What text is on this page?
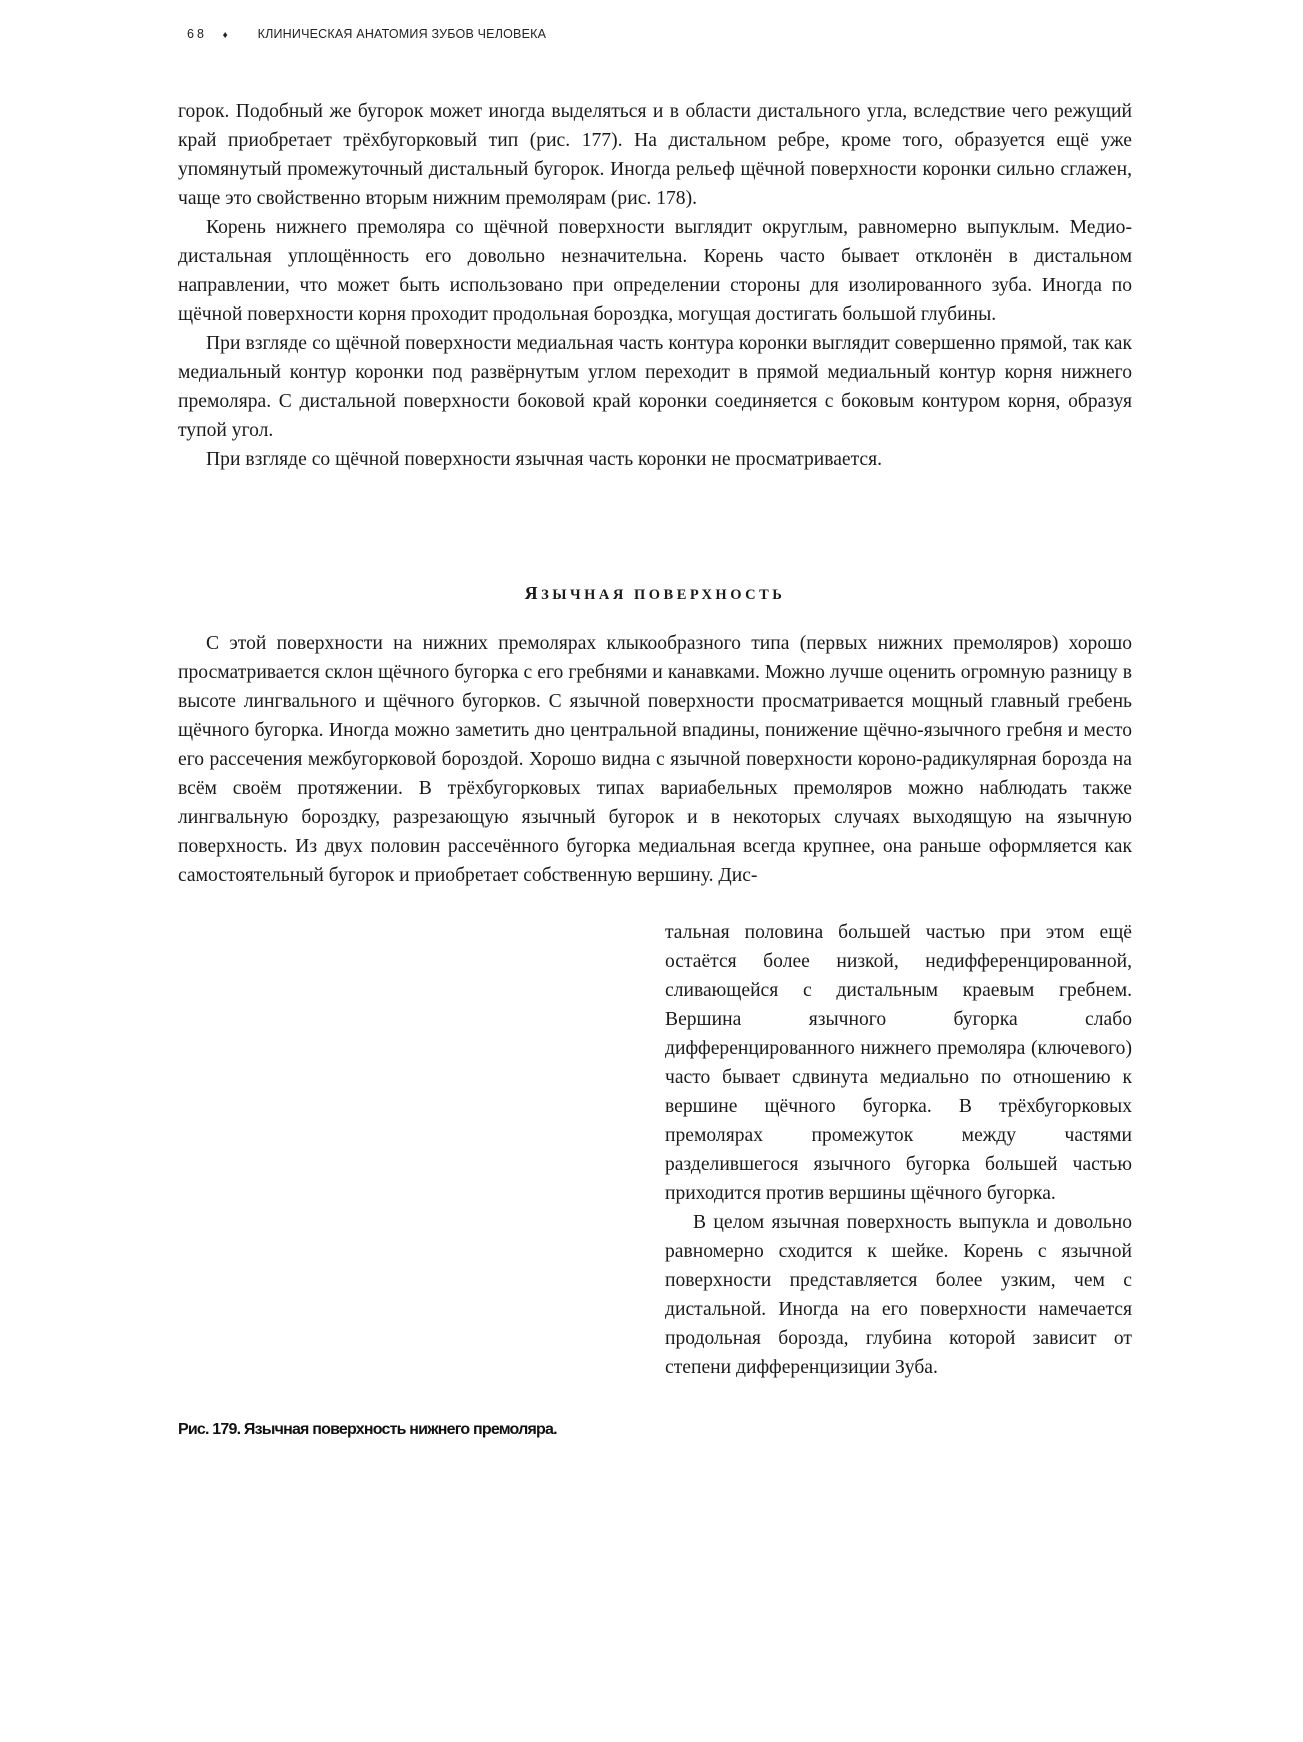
68 ♦ КЛИНИЧЕСКАЯ АНАТОМИЯ ЗУБОВ ЧЕЛОВЕКА

горок. Подобный же бугорок может иногда выделяться и в области дистального угла, вследствие чего режущий край приобретает трёхбугорковый тип (рис. 177). На дистальном ребре, кроме того, образуется ещё уже упомянутый промежуточный дистальный бугорок. Иногда рельеф щёчной поверхности коронки сильно сглажен, чаще это свойственно вторым нижним премолярам (рис. 178).

Корень нижнего премоляра со щёчной поверхности выглядит округлым, равномерно выпуклым. Медио-дистальная уплощённость его довольно незначительна. Корень часто бывает отклонён в дистальном направлении, что может быть использовано при определении стороны для изолированного зуба. Иногда по щёчной поверхности корня проходит продольная бороздка, могущая достигать большой глубины.

При взгляде со щёчной поверхности медиальная часть контура коронки выглядит совершенно прямой, так как медиальный контур коронки под развёрнутым углом переходит в прямой медиальный контур корня нижнего премоляра. С дистальной поверхности боковой край коронки соединяется с боковым контуром корня, образуя тупой угол.

При взгляде со щёчной поверхности язычная часть коронки не просматривается.

ЯЗЫЧНАЯ ПОВЕРХНОСТЬ

С этой поверхности на нижних премолярах клыкообразного типа (первых нижних премоляров) хорошо просматривается склон щёчного бугорка с его гребнями и канавками. Можно лучше оценить огромную разницу в высоте лингвального и щёчного бугорков. С язычной поверхности просматривается мощный главный гребень щёчного бугорка. Иногда можно заметить дно центральной впадины, понижение щёчно-язычного гребня и место его рассечения межбугорковой бороздой. Хорошо видна с язычной поверхности короно-радикулярная борозда на всём своём протяжении. В трёхбугорковых типах вариабельных премоляров можно наблюдать также лингвальную бороздку, разрезающую язычный бугорок и в некоторых случаях выходящую на язычную поверхность. Из двух половин рассечённого бугорка медиальная всегда крупнее, она раньше оформляется как самостоятельный бугорок и приобретает собственную вершину. Дис-

тальная половина большей частью при этом ещё остаётся более низкой, недифференцированной, сливающейся с дистальным краевым гребнем. Вершина язычного бугорка слабо дифференцированного нижнего премоляра (ключевого) часто бывает сдвинута медиально по отношению к вершине щёчного бугорка. В трёхбугорковых премолярах промежуток между частями разделившегося язычного бугорка большей частью приходится против вершины щёчного бугорка.

В целом язычная поверхность выпукла и довольно равномерно сходится к шейке. Корень с язычной поверхности представляется более узким, чем с дистальной. Иногда на его поверхности намечается продольная борозда, глубина которой зависит от степени дифференцизиции Зуба.

Рис. 179. Язычная поверхность нижнего премоляра.
